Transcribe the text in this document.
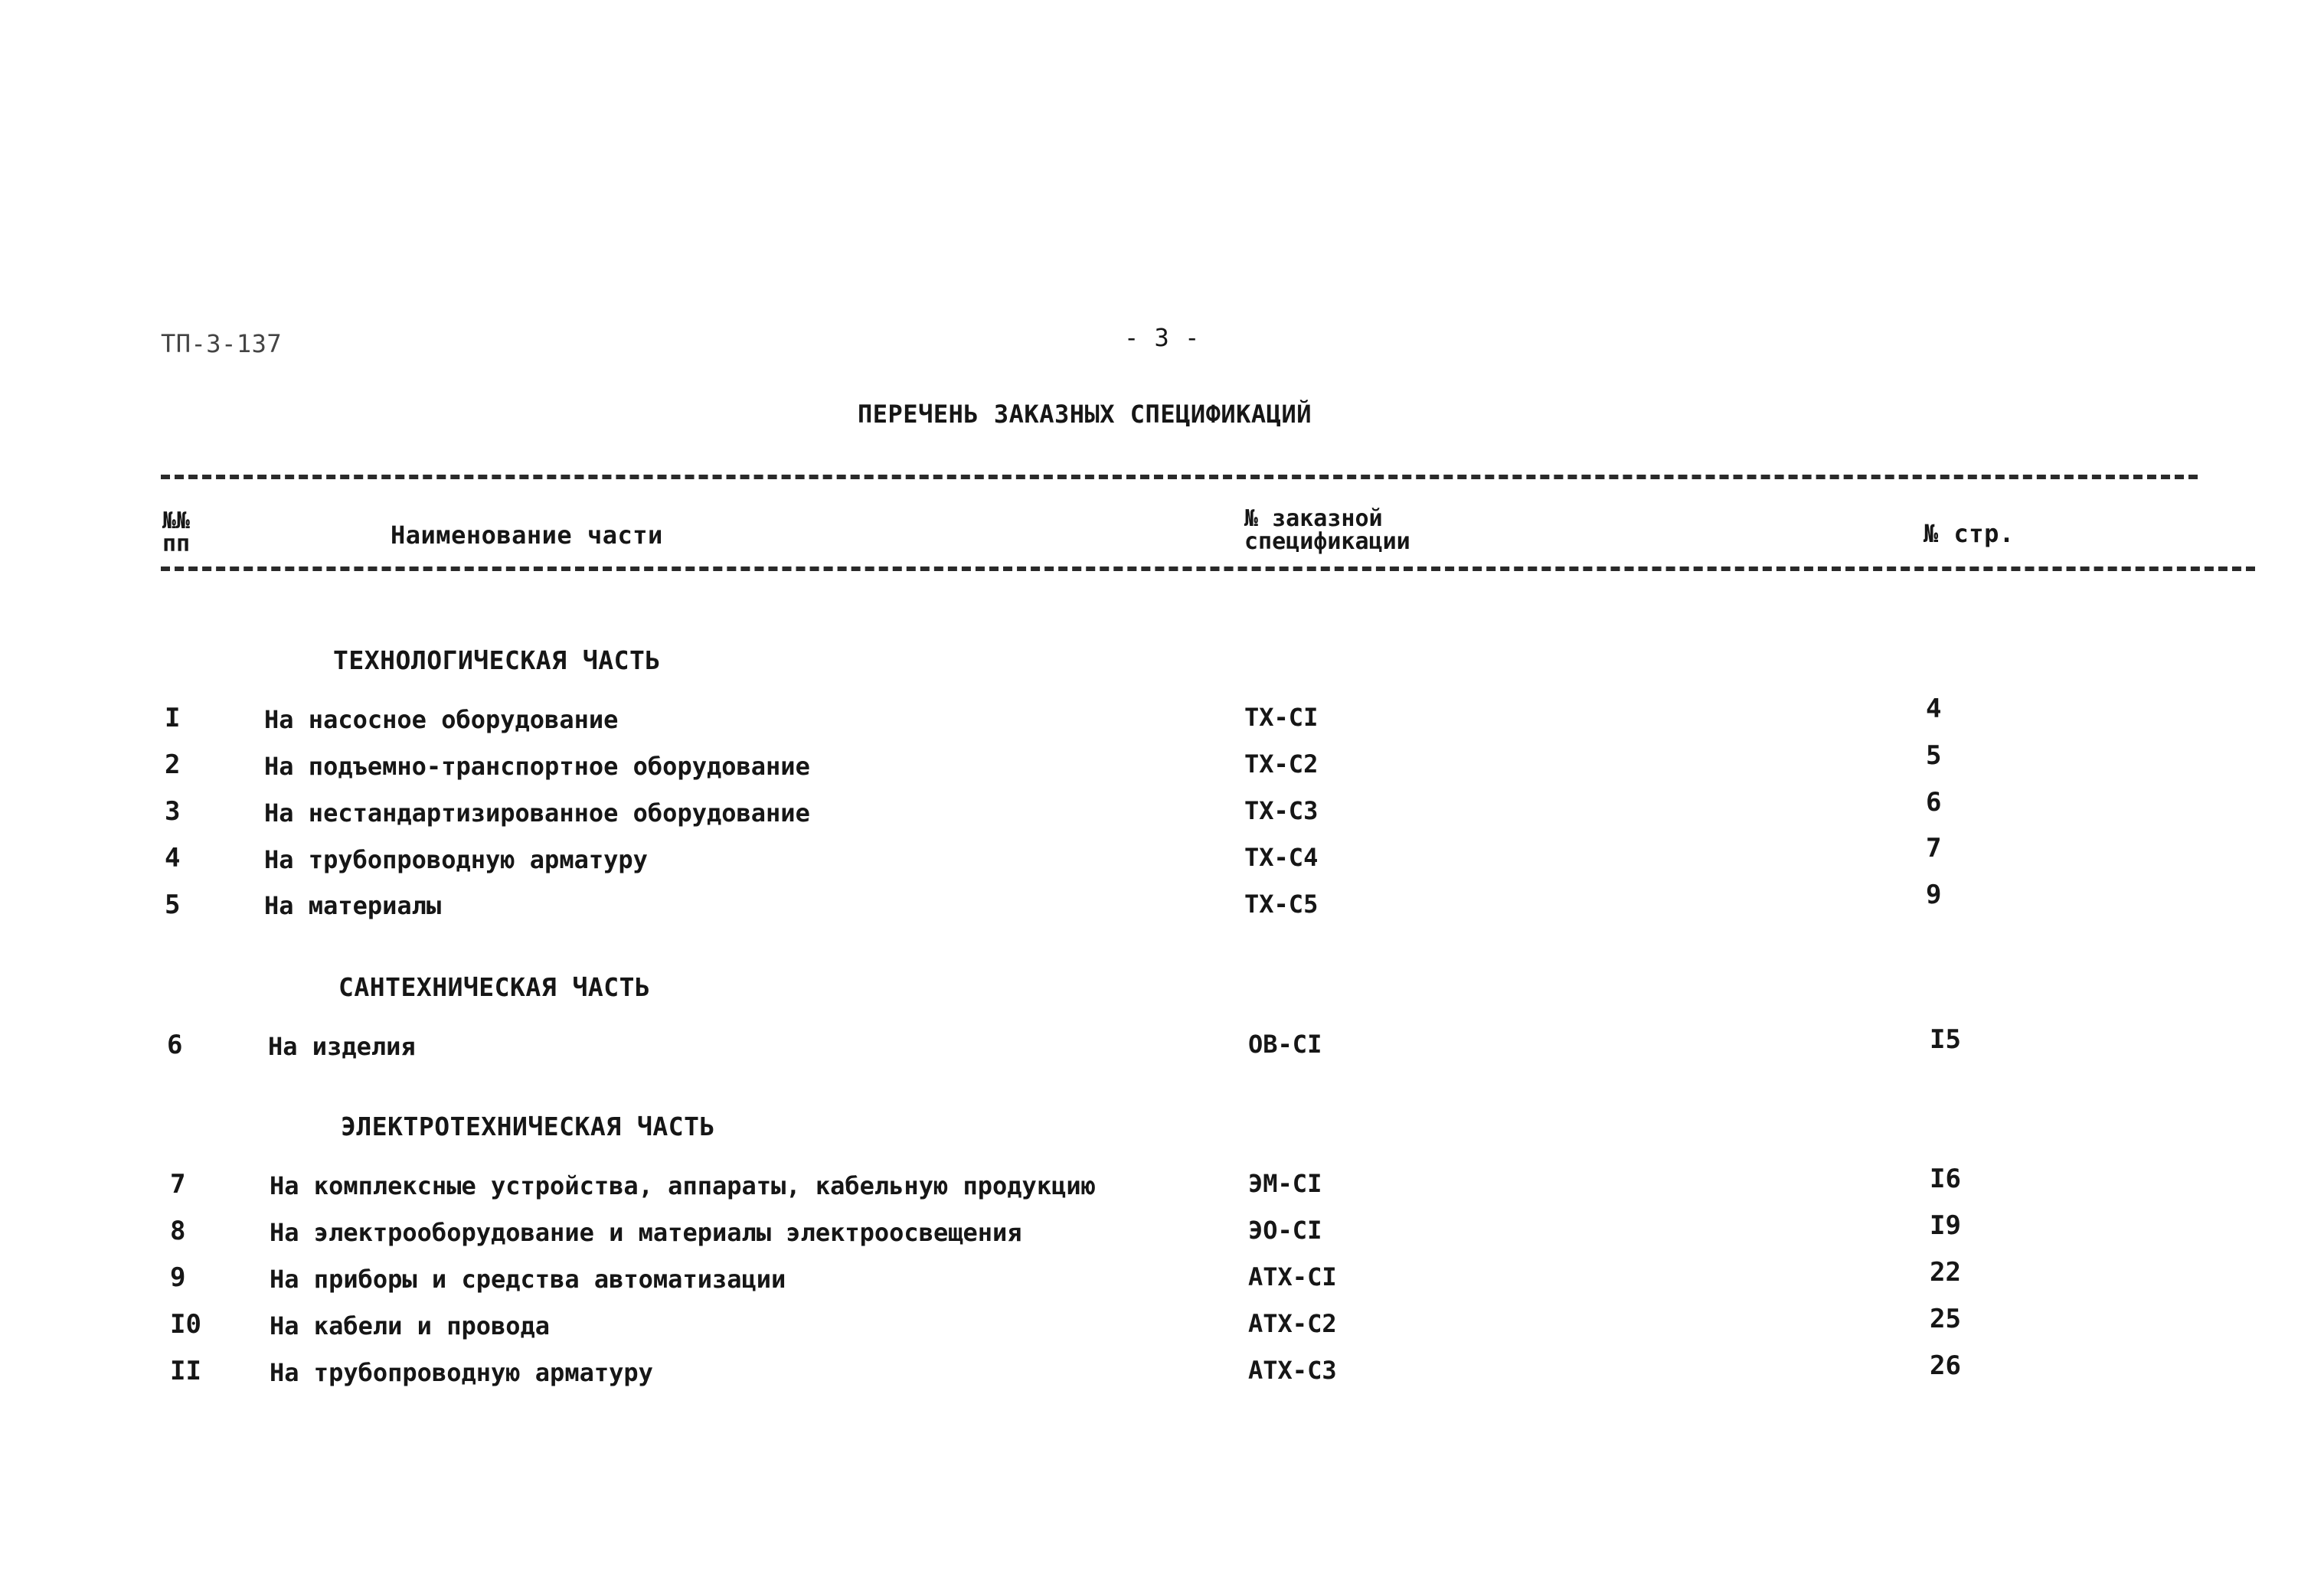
ТП-3-137	- 3 -
ПЕРЕЧЕНЬ ЗАКАЗНЫХ СПЕЦИФИКАЦИЙ
№№
пп	Наименование части
№ заказной
спецификации	№ стр.
ТЕХНОЛОГИЧЕСКАЯ ЧАСТЬ
I	На насосное оборудование	ТХ-СI	4
2	На подъемно-транспортное оборудование	ТХ-С2	5
3	На нестандартизированное оборудование	ТХ-С3	6
4	На трубопроводную арматуру	ТХ-С4	7
5	На материалы	ТХ-С5	9
САНТЕХНИЧЕСКАЯ ЧАСТЬ
6	На изделия	ОВ-СI	I5
ЭЛЕКТРОТЕХНИЧЕСКАЯ ЧАСТЬ
7	На комплексные устройства, аппараты, кабельную продукцию	ЭМ-СI	I6
8	На электрооборудование и материалы электроосвещения	ЭО-СI	I9
9	На приборы и средства автоматизации	АТХ-СI	22
I0	На кабели и провода	АТХ-С2	25
II	На трубопроводную арматуру	АТХ-С3	26
